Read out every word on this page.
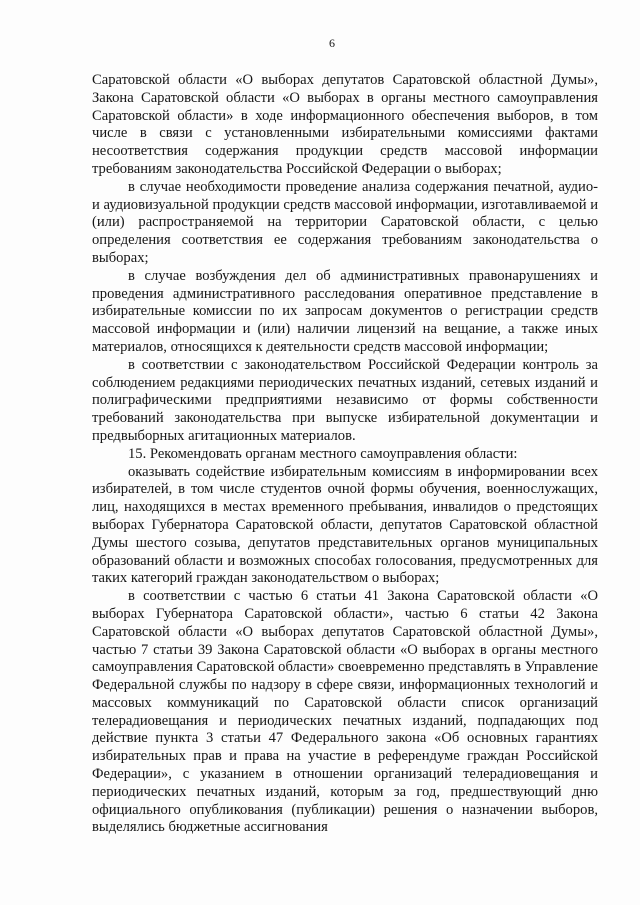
6

Саратовской области «О выборах депутатов Саратовской областной Думы», Закона Саратовской области «О выборах в органы местного самоуправления Саратовской области» в ходе информационного обеспечения выборов, в том числе в связи с установленными избирательными комиссиями фактами несоответствия содержания продукции средств массовой информации требованиям законодательства Российской Федерации о выборах;

в случае необходимости проведение анализа содержания печатной, аудио- и аудиовизуальной продукции средств массовой информации, изготавливаемой и (или) распространяемой на территории Саратовской области, с целью определения соответствия ее содержания требованиям законодательства о выборах;

в случае возбуждения дел об административных правонарушениях и проведения административного расследования оперативное представление в избирательные комиссии по их запросам документов о регистрации средств массовой информации и (или) наличии лицензий на вещание, а также иных материалов, относящихся к деятельности средств массовой информации;

в соответствии с законодательством Российской Федерации контроль за соблюдением редакциями периодических печатных изданий, сетевых изданий и полиграфическими предприятиями независимо от формы собственности требований законодательства при выпуске избирательной документации и предвыборных агитационных материалов.

15. Рекомендовать органам местного самоуправления области:

оказывать содействие избирательным комиссиям в информировании всех избирателей, в том числе студентов очной формы обучения, военнослужащих, лиц, находящихся в местах временного пребывания, инвалидов о предстоящих выборах Губернатора Саратовской области, депутатов Саратовской областной Думы шестого созыва, депутатов представительных органов муниципальных образований области и возможных способах голосования, предусмотренных для таких категорий граждан законодательством о выборах;

в соответствии с частью 6 статьи 41 Закона Саратовской области «О выборах Губернатора Саратовской области», частью 6 статьи 42 Закона Саратовской области «О выборах депутатов Саратовской областной Думы», частью 7 статьи 39 Закона Саратовской области «О выборах в органы местного самоуправления Саратовской области» своевременно представлять в Управление Федеральной службы по надзору в сфере связи, информационных технологий и массовых коммуникаций по Саратовской области список организаций телерадиовещания и периодических печатных изданий, подпадающих под действие пункта 3 статьи 47 Федерального закона «Об основных гарантиях избирательных прав и права на участие в референдуме граждан Российской Федерации», с указанием в отношении организаций телерадиовещания и периодических печатных изданий, которым за год, предшествующий дню официального опубликования (публикации) решения о назначении выборов, выделялись бюджетные ассигнования
